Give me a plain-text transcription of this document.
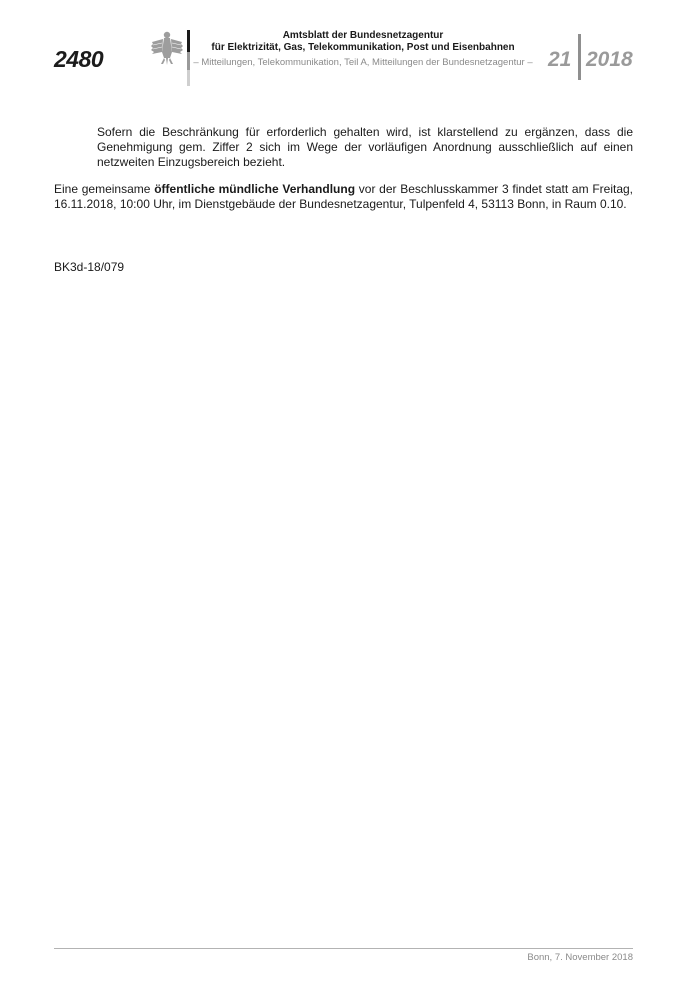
2480
Amtsblatt der Bundesnetzagentur
für Elektrizität, Gas, Telekommunikation, Post und Eisenbahnen
– Mitteilungen, Telekommunikation, Teil A, Mitteilungen der Bundesnetzagentur – 21 2018

Sofern die Beschränkung für erforderlich gehalten wird, ist klarstellend zu ergänzen, dass die Genehmigung gem. Ziffer 2 sich im Wege der vorläufigen Anordnung ausschließlich auf einen netzweiten Einzugsbereich bezieht.

Eine gemeinsame öffentliche mündliche Verhandlung vor der Beschlusskammer 3 findet statt am Freitag, 16.11.2018, 10:00 Uhr, im Dienstgebäude der Bundesnetzagentur, Tulpenfeld 4, 53113 Bonn, in Raum 0.10.

BK3d-18/079

Bonn, 7. November 2018
